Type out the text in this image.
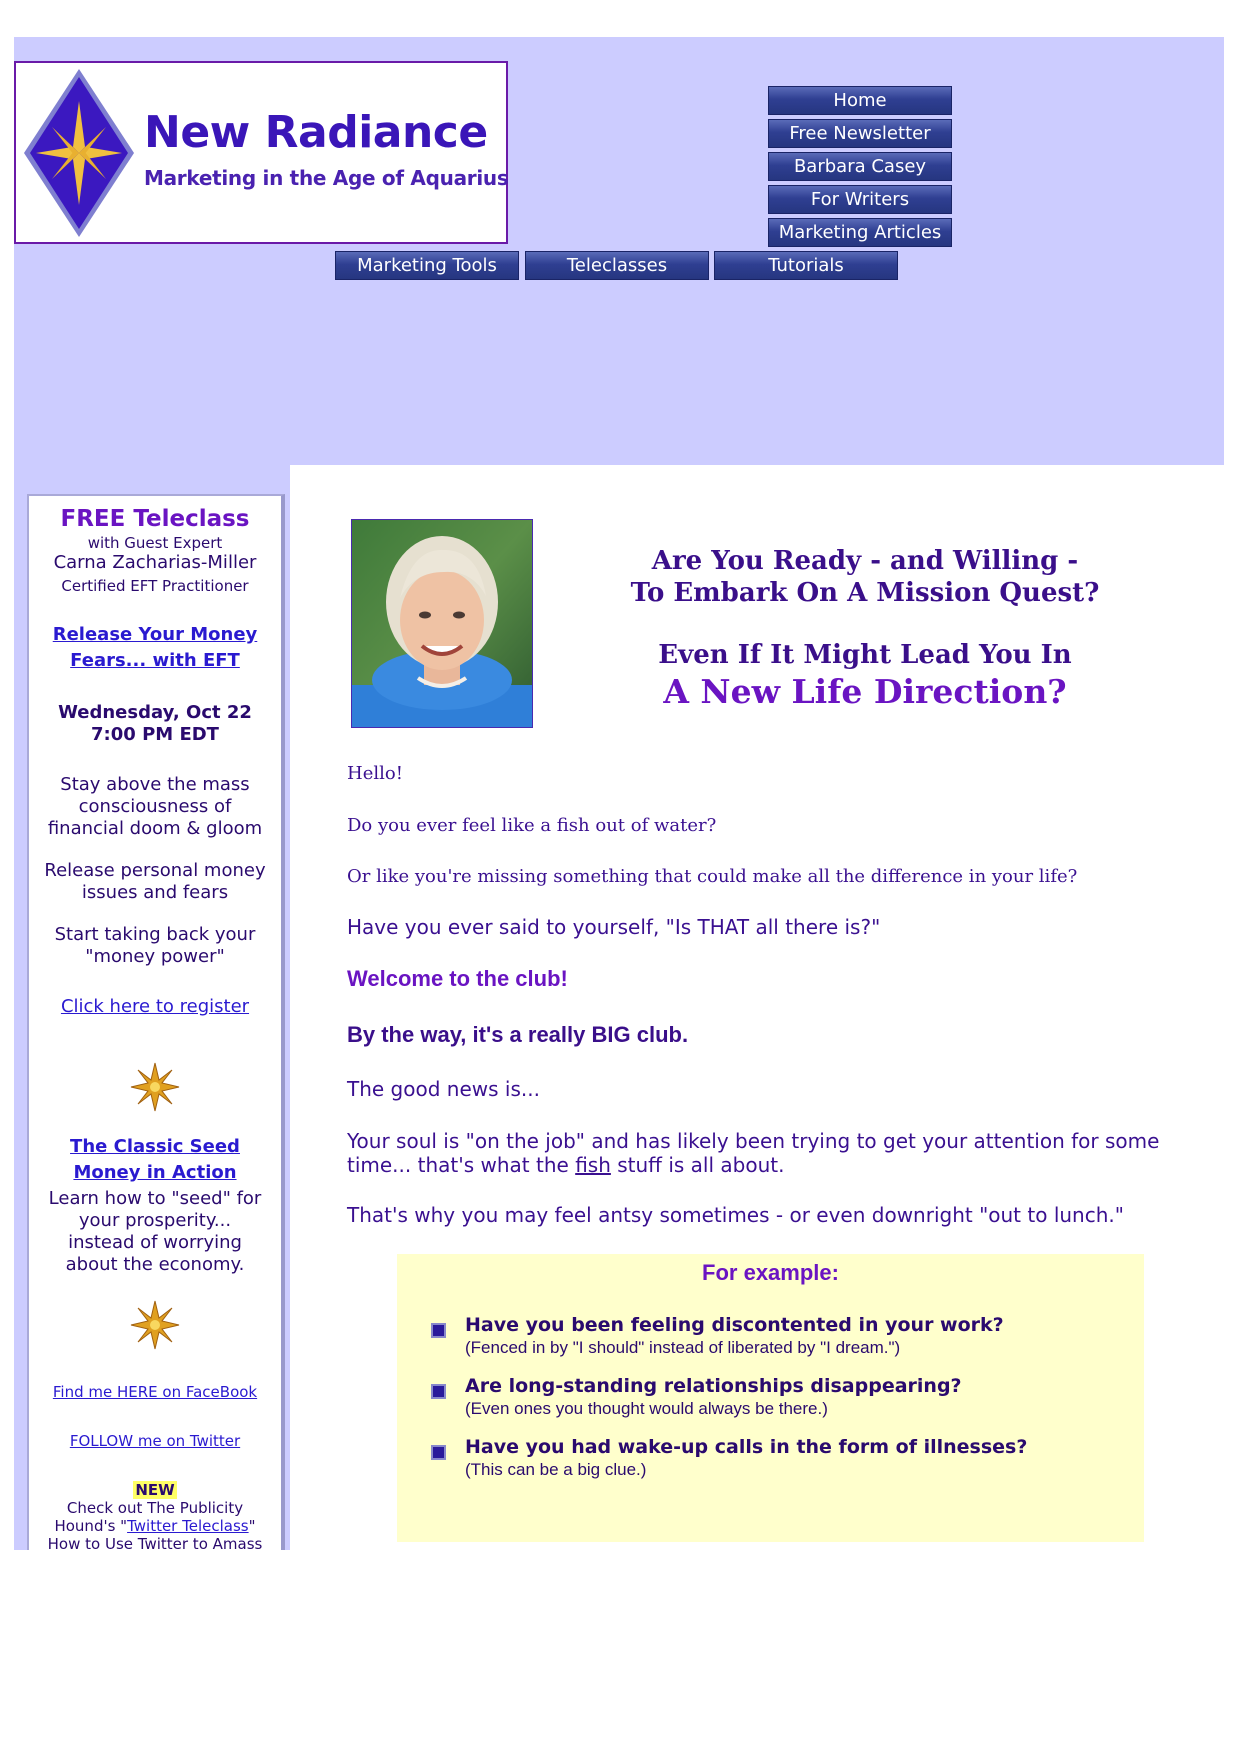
New Radiance
Marketing in the Age of Aquarius
Home
Free Newsletter
Barbara Casey
For Writers
Marketing Articles
Marketing Tools	Teleclasses	Tutorials
FREE Teleclass
with Guest Expert
Carna Zacharias-Miller
Certified EFT Practitioner
Release Your Money
Fears... with EFT
Wednesday, Oct 22
7:00 PM EDT
Stay above the mass
consciousness of
financial doom & gloom
Release personal money
issues and fears
Start taking back your
"money power"
Click here to register
The Classic Seed
Money in Action
Learn how to "seed" for
your prosperity...
instead of worrying
about the economy.
Find me HERE on FaceBook
FOLLOW me on Twitter
NEW
Check out The Publicity
Hound's "Twitter Teleclass"
How to Use Twitter to Amass
Are You Ready - and Willing -
To Embark On A Mission Quest?
Even If It Might Lead You In
A New Life Direction?
Hello!
Do you ever feel like a fish out of water?
Or like you're missing something that could make all the difference in your life?
Have you ever said to yourself, "Is THAT all there is?"
Welcome to the club!
By the way, it's a really BIG club.
The good news is...
Your soul is "on the job" and has likely been trying to get your attention for some
time... that's what the fish stuff is all about.
That's why you may feel antsy sometimes - or even downright "out to lunch."
For example:
Have you been feeling discontented in your work?
(Fenced in by "I should" instead of liberated by "I dream.")
Are long-standing relationships disappearing?
(Even ones you thought would always be there.)
Have you had wake-up calls in the form of illnesses?
(This can be a big clue.)
